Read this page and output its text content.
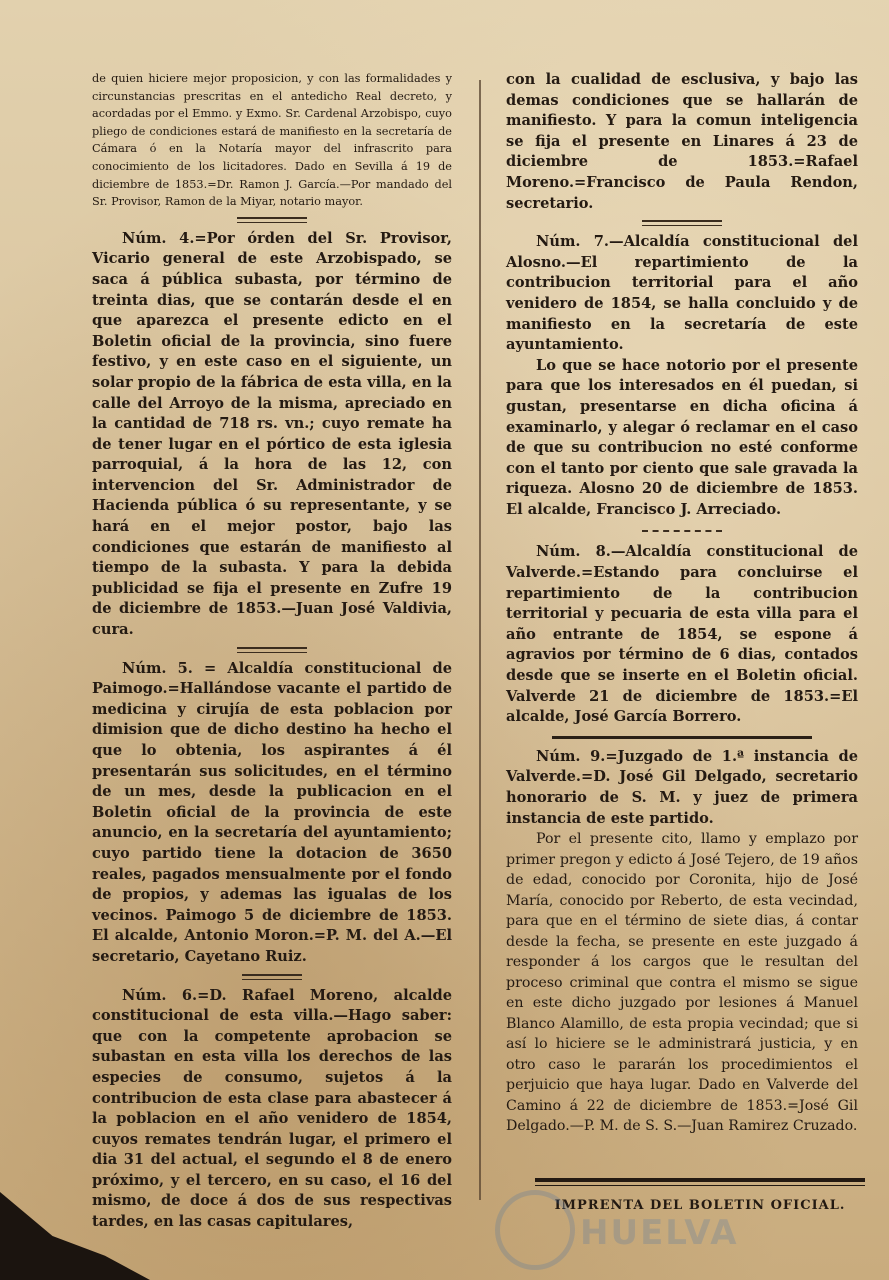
de quien hiciere mejor proposicion, y con las formalidades y circunstancias prescritas en el antedicho Real decreto, y acordadas por el Emmo. y Exmo. Sr. Cardenal Arzobispo, cuyo pliego de condiciones estará de manifiesto en la secretaría de Cámara ó en la Notaría mayor del infrascrito para conocimiento de los licitadores. Dado en Sevilla á 19 de diciembre de 1853.=Dr. Ramon J. García.—Por mandado del Sr. Provisor, Ramon de la Miyar, notario mayor.

Núm. 4.=Por órden del Sr. Provisor, Vicario general de este Arzobispado, se saca á pública subasta, por término de treinta dias, que se contarán desde el en que aparezca el presente edicto en el Boletin oficial de la provincia, sino fuere festivo, y en este caso en el siguiente, un solar propio de la fábrica de esta villa, en la calle del Arroyo de la misma, apreciado en la cantidad de 718 rs. vn.; cuyo remate ha de tener lugar en el pórtico de esta iglesia parroquial, á la hora de las 12, con intervencion del Sr. Administrador de Hacienda pública ó su representante, y se hará en el mejor postor, bajo las condiciones que estarán de manifiesto al tiempo de la subasta. Y para la debida publicidad se fija el presente en Zufre 19 de diciembre de 1853.—Juan José Valdivia, cura.

Núm. 5. = Alcaldía constitucional de Paimogo.=Hallándose vacante el partido de medicina y cirujía de esta poblacion por dimision que de dicho destino ha hecho el que lo obtenia, los aspirantes á él presentarán sus solicitudes, en el término de un mes, desde la publicacion en el Boletin oficial de la provincia de este anuncio, en la secretaría del ayuntamiento; cuyo partido tiene la dotacion de 3650 reales, pagados mensualmente por el fondo de propios, y ademas las igualas de los vecinos. Paimogo 5 de diciembre de 1853. El alcalde, Antonio Moron.=P. M. del A.—El secretario, Cayetano Ruiz.

Núm. 6.=D. Rafael Moreno, alcalde constitucional de esta villa.—Hago saber: que con la competente aprobacion se subastan en esta villa los derechos de las especies de consumo, sujetos á la contribucion de esta clase para abastecer á la poblacion en el año venidero de 1854, cuyos remates tendrán lugar, el primero el dia 31 del actual, el segundo el 8 de enero próximo, y el tercero, en su caso, el 16 del mismo, de doce á dos de sus respectivas tardes, en las casas capitulares,

con la cualidad de esclusiva, y bajo las demas condiciones que se hallarán de manifiesto. Y para la comun inteligencia se fija el presente en Linares á 23 de diciembre de 1853.=Rafael Moreno.=Francisco de Paula Rendon, secretario.

Núm. 7.—Alcaldía constitucional del Alosno.—El repartimiento de la contribucion territorial para el año venidero de 1854, se halla concluido y de manifiesto en la secretaría de este ayuntamiento.

Lo que se hace notorio por el presente para que los interesados en él puedan, si gustan, presentarse en dicha oficina á examinarlo, y alegar ó reclamar en el caso de que su contribucion no esté conforme con el tanto por ciento que sale gravada la riqueza. Alosno 20 de diciembre de 1853. El alcalde, Francisco J. Arreciado.

Núm. 8.—Alcaldía constitucional de Valverde.=Estando para concluirse el repartimiento de la contribucion territorial y pecuaria de esta villa para el año entrante de 1854, se espone á agravios por término de 6 dias, contados desde que se inserte en el Boletin oficial. Valverde 21 de diciembre de 1853.=El alcalde, José García Borrero.

Núm. 9.=Juzgado de 1.ª instancia de Valverde.=D. José Gil Delgado, secretario honorario de S. M. y juez de primera instancia de este partido.

Por el presente cito, llamo y emplazo por primer pregon y edicto á José Tejero, de 19 años de edad, conocido por Coronita, hijo de José María, conocido por Reberto, de esta vecindad, para que en el término de siete dias, á contar desde la fecha, se presente en este juzgado á responder á los cargos que le resultan del proceso criminal que contra el mismo se sigue en este dicho juzgado por lesiones á Manuel Blanco Alamillo, de esta propia vecindad; que si así lo hiciere se le administrará justicia, y en otro caso le pararán los procedimientos el perjuicio que haya lugar. Dado en Valverde del Camino á 22 de diciembre de 1853.=José Gil Delgado.—P. M. de S. S.—Juan Ramirez Cruzado.

IMPRENTA DEL BOLETIN OFICIAL.
HUELVA
